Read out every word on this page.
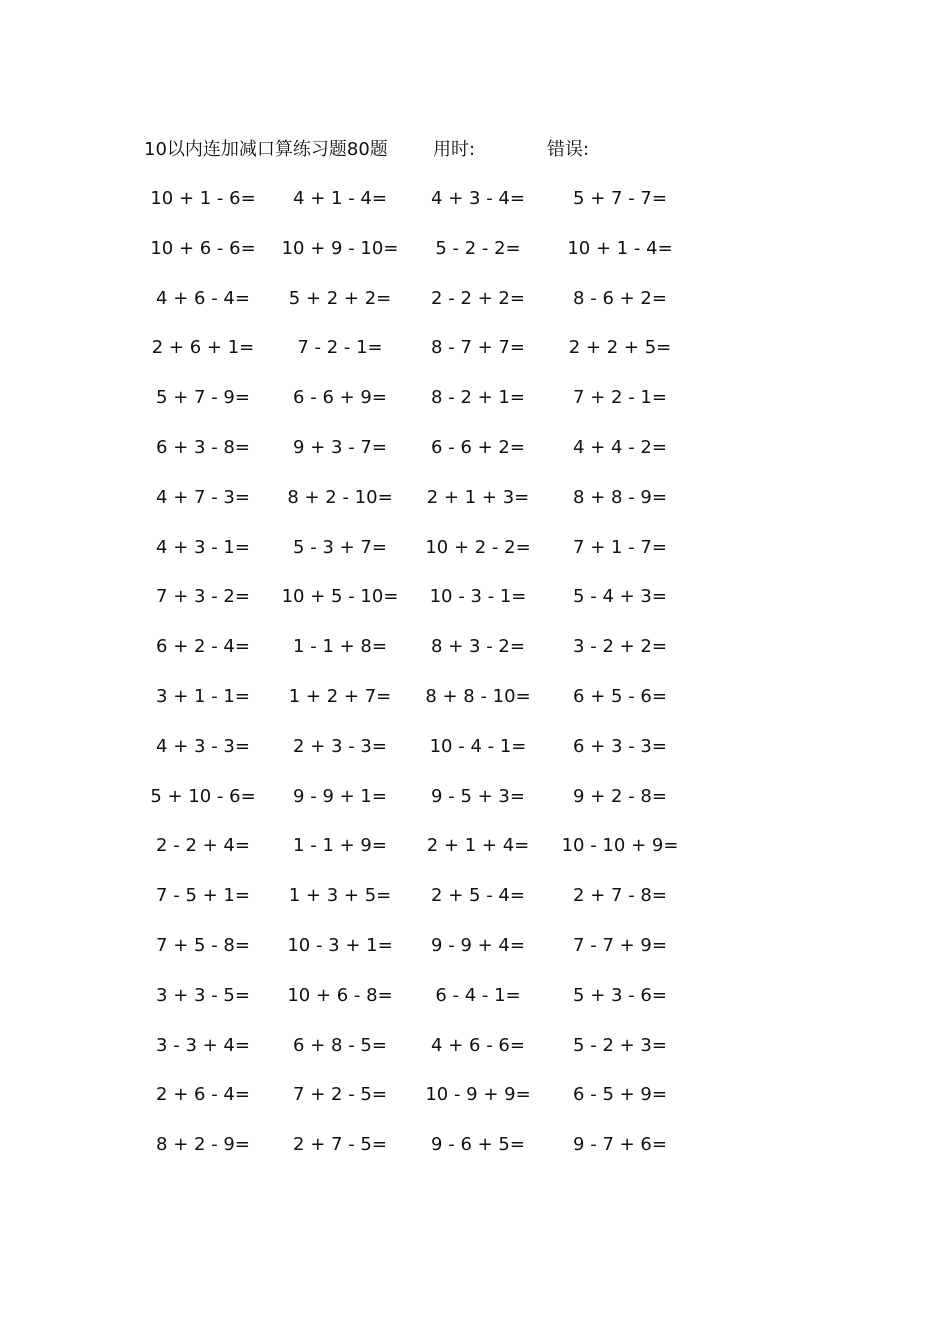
10以内连加减口算练习题80题	用时:	错误:
10 + 1 - 6=	4 + 1 - 4=	4 + 3 - 4=	5 + 7 - 7=
10 + 6 - 6=	10 + 9 - 10=	5 - 2 - 2=	10 + 1 - 4=
4 + 6 - 4=	5 + 2 + 2=	2 - 2 + 2=	8 - 6 + 2=
2 + 6 + 1=	7 - 2 - 1=	8 - 7 + 7=	2 + 2 + 5=
5 + 7 - 9=	6 - 6 + 9=	8 - 2 + 1=	7 + 2 - 1=
6 + 3 - 8=	9 + 3 - 7=	6 - 6 + 2=	4 + 4 - 2=
4 + 7 - 3=	8 + 2 - 10=	2 + 1 + 3=	8 + 8 - 9=
4 + 3 - 1=	5 - 3 + 7=	10 + 2 - 2=	7 + 1 - 7=
7 + 3 - 2=	10 + 5 - 10=	10 - 3 - 1=	5 - 4 + 3=
6 + 2 - 4=	1 - 1 + 8=	8 + 3 - 2=	3 - 2 + 2=
3 + 1 - 1=	1 + 2 + 7=	8 + 8 - 10=	6 + 5 - 6=
4 + 3 - 3=	2 + 3 - 3=	10 - 4 - 1=	6 + 3 - 3=
5 + 10 - 6=	9 - 9 + 1=	9 - 5 + 3=	9 + 2 - 8=
2 - 2 + 4=	1 - 1 + 9=	2 + 1 + 4=	10 - 10 + 9=
7 - 5 + 1=	1 + 3 + 5=	2 + 5 - 4=	2 + 7 - 8=
7 + 5 - 8=	10 - 3 + 1=	9 - 9 + 4=	7 - 7 + 9=
3 + 3 - 5=	10 + 6 - 8=	6 - 4 - 1=	5 + 3 - 6=
3 - 3 + 4=	6 + 8 - 5=	4 + 6 - 6=	5 - 2 + 3=
2 + 6 - 4=	7 + 2 - 5=	10 - 9 + 9=	6 - 5 + 9=
8 + 2 - 9=	2 + 7 - 5=	9 - 6 + 5=	9 - 7 + 6=
